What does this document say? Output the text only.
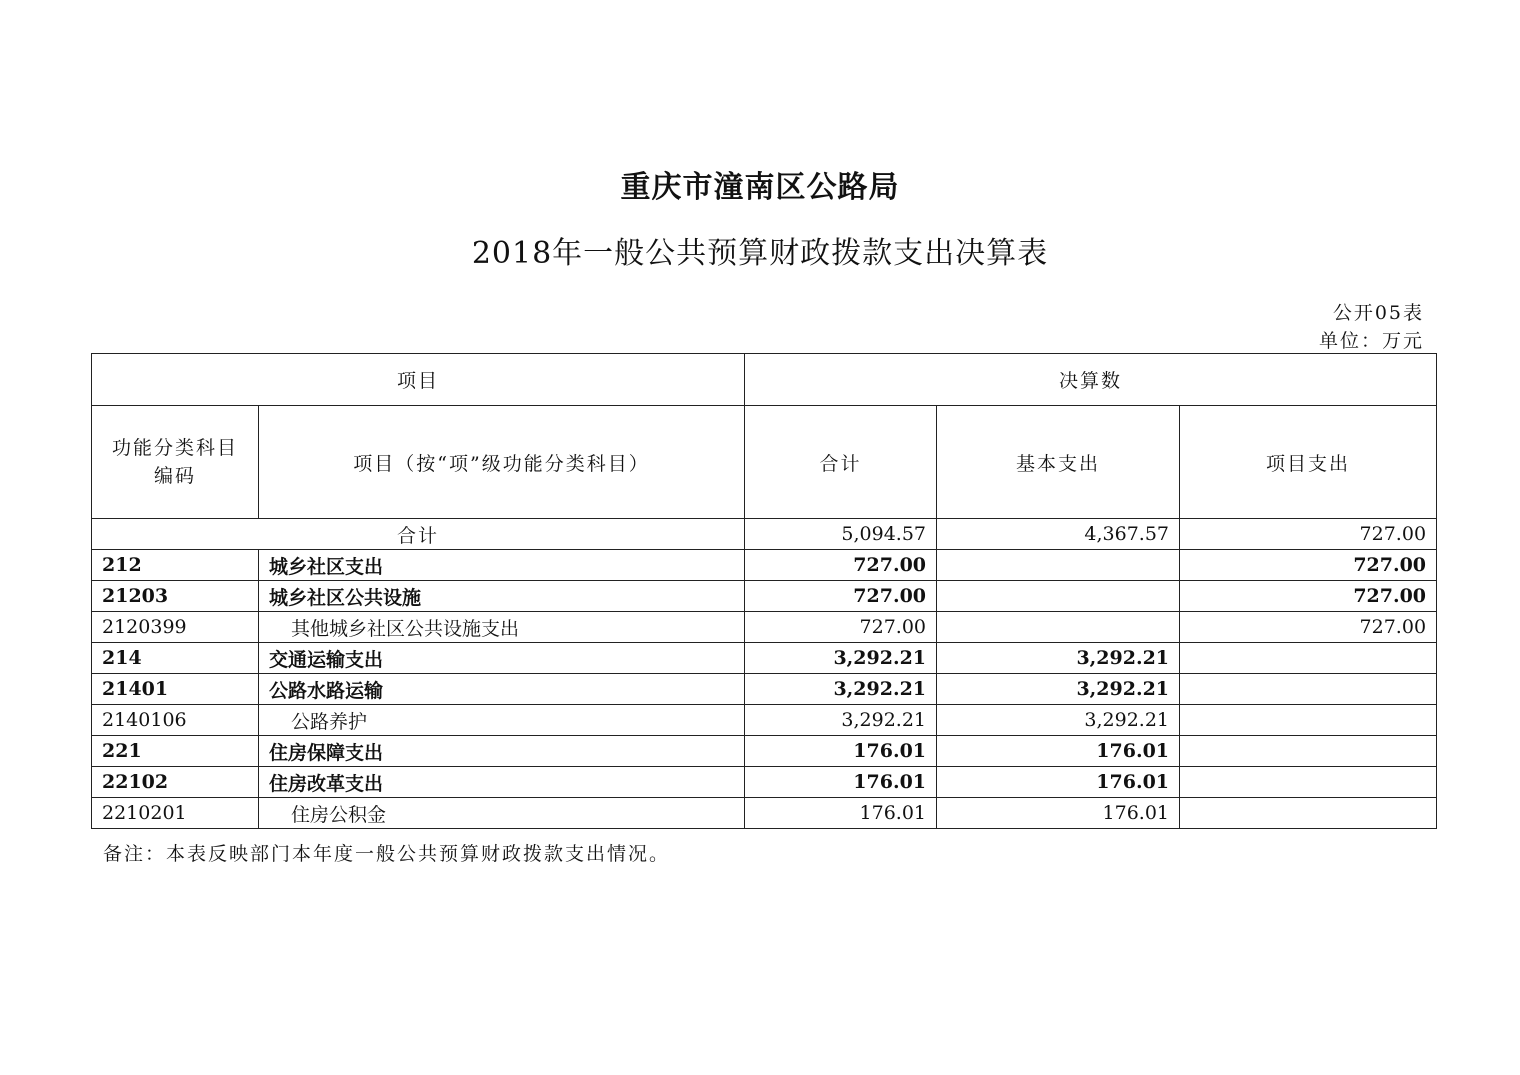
重庆市潼南区公路局
2018年一般公共预算财政拨款支出决算表
公开05表
单位：万元
项目		决算数		
功能分类科目编码	项目（按“项”级功能分类科目）	合计	基本支出	项目支出
合计		5,094.57	4,367.57	727.00
212	城乡社区支出	727.00		727.00
21203	城乡社区公共设施	727.00		727.00
2120399	其他城乡社区公共设施支出	727.00		727.00
214	交通运输支出	3,292.21	3,292.21	
21401	公路水路运输	3,292.21	3,292.21	
2140106	公路养护	3,292.21	3,292.21	
221	住房保障支出	176.01	176.01	
22102	住房改革支出	176.01	176.01	
2210201	住房公积金	176.01	176.01	
备注：本表反映部门本年度一般公共预算财政拨款支出情况。
